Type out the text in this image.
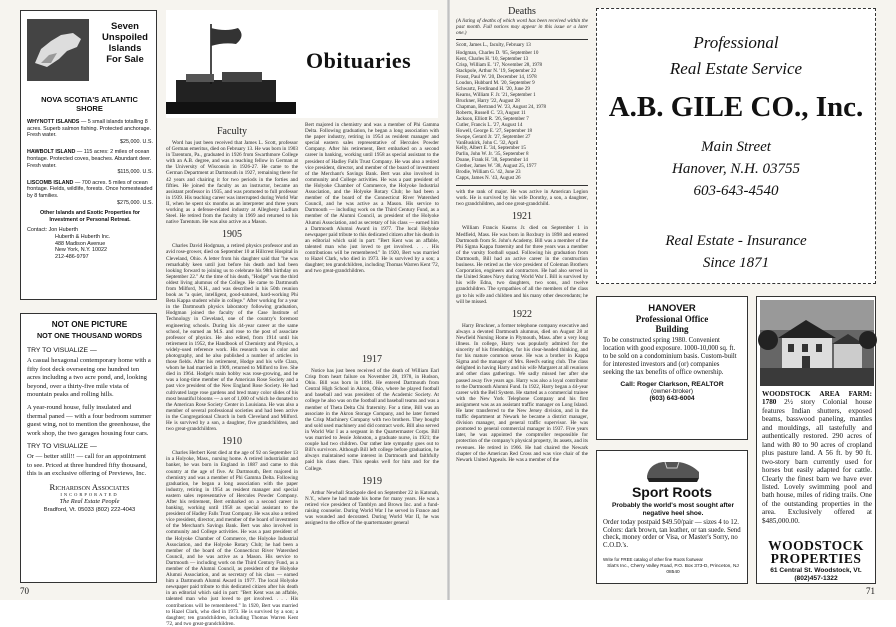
Seven
Unspoiled
Islands
For Sale
NOVA SCOTIA'S ATLANTIC SHORE
WHYNOTT ISLANDS — 5 small islands totalling 8 acres. Superb salmon fishing. Protected anchorage. Fresh water.
$25,000. U.S.
HAWBOLT ISLAND — 115 acres: 2 miles of ocean frontage. Protected coves, beaches. Abundant deer. Fresh water.
$115,000. U.S.
LISCOMB ISLAND — 700 acres. 5 miles of ocean frontage. Fields, wildlife, forests. Once homesteaded by 8 families.
$275,000. U.S.
Other Islands and Exotic Properties for Investment or Personal Retreat.
Contact: Jon Huberth
Huberth & Huberth Inc.
488 Madison Avenue
New York, N.Y. 10022
212-486-9797
NOT ONE PICTURE
NOT ONE THOUSAND WORDS
TRY TO VISUALIZE —

A casual hexagonal contemporary home with a fifty foot deck overseeing one hundred ten acres including a two acre pond, and, looking beyond, over a thirty-five mile vista of mountain peaks and rolling hills.

A year-round house, fully insulated and thermal paned — with a four bedroom summer guest wing, not to mention the greenhouse, the work shop, the two garages housing four cars.

TRY TO VISUALIZE —

Or — better still!! — call for an appointment to see. Priced at three hundred fifty thousand, this is an exclusive offering of Previews, Inc.

Richardson Associates
INCORPORATED
The Real Estate People
Bradford, Vt. 05033 (802) 222-4043
Obituaries
Faculty

Word has just been received that James L. Scott, professor of German emeritus, died on February 13. He was born in 1903 in Tarentum, Pa., graduated in 1926 from Swarthmore College with an A.B. degree, and was a teaching fellow in German at the University of Wisconsin in 1926-27. He came to the German Department at Dartmouth in 1927, remaining there for 42 years and chairing it for two periods in the forties and fifties. He joined the faculty as an instructor, became an assistant professor in 1935, and was promoted to full professor in 1939. His teaching career was interrupted during World War II, when he spent six months as an interpreter and three years working as a defense-related industry at Allegheny Ludlum Steel. He retired from the faculty in 1969 and returned to his native Tarentum. He was also active as a Mason.

1905

Charles David Hodgman, a retired physics professor and an avid rose-grower, died on September 10 at Hillcrest Hospital in Cleveland, Ohio. A letter from his daughter said that "he was remarkably keen until just before his death and had been looking forward to joining us to celebrate his 98th birthday on September 22." At the time of his death, "Hodge" was the third oldest living alumnus of the College. He came to Dartmouth from Milford, N.H., and was described in his 50th reunion book as "a quiet, intelligent, good-natured, hard-working Phi Beta Kappa student while in college." After working for a year in the Dartmouth physics laboratory following graduation, Hodgman joined the faculty of the Case Institute of Technology in Cleveland, one of the country's foremost engineering schools. During his 44-year career at the same school, he earned an M.S. and rose to the post of associate professor of physics. He also edited, from 1914 until his retirement in 1952, the Handbook of Chemistry and Physics, a widely-used reference work. His research was in color and photography, and he also published a number of articles in those fields. After his retirement, Hodge and his wife Clara, whom he had married in 1909, returned to Milford to live. She died in 1964. Hodge's main hobby was rose-growing, and he was a long-time member of the American Rose Society and a past vice president of the New England Rose Society. He had cultivated large rose gardens and bred many color slides of his most beautiful blooms — a set of 1,000 of which he donated to the American Rose Society Center in Louisiana. He was also a member of several professional societies and had been active in the Congregational Church in both Cleveland and Milford. He is survived by a son, a daughter, five grandchildren, and two great-grandchildren.

1910

Charles Herbert Kent died at the age of 92 on September 13 in a Holyoke, Mass., nursing home. A retired industrialist and banker, he was born in England in 1887 and came to this country at the age of five. At Dartmouth, Bert majored in chemistry and was a member of Phi Gamma Delta. Following graduation, he began a long association with the paper industry, retiring in 1954 as resident manager and special eastern sales representative of Hercules Powder Company. After his retirement, Bert embarked on a second career in banking, working until 1958 as special assistant to the president of Hadley Falls Trust Company. He was also a retired vice president, director, and member of the board of investment of the Merchant's Savings Bank. Bert was also involved in community and College activities. He was a past president of the Holyoke Chamber of Commerce, the Holyoke Industrial Association, and the Holyoke Rotary Club; he had been a member of the board of the Connecticut River Watershed Council, and he was active as a Mason. His service to Dartmouth — including work on the Third Century Fund, as a member of the Alumni Council, as president of the Holyoke Alumni Association, and as secretary of his class — earned him a Dartmouth Alumni Award in 1977. The local Holyoke newspaper paid tribute to this dedicated citizen after his death in an editorial which said in part: "Bert Kent was an affable, talented man who just loved to get involved. . . . His contributions will be remembered." In 1920, Bert was married to Hazel Clark, who died in 1973. He is survived by a son; a daughter; ten grandchildren, including Thomas Warren Kent '72, and two great-grandchildren.

Bert majored in chemistry and was a member of Phi Gamma Delta. Following graduation, he began a long association with the paper industry, retiring in 1954 as resident manager and special eastern sales representative of Hercules Powder Company. After his retirement, Bert embarked on a second career in banking, working until 1958 as special assistant to the president of Hadley Falls Trust Company. He was also a retired vice president, director, and member of the board of investment of the Merchant's Savings Bank. Bert was also involved in community and College activities. He was a past president of the Holyoke Chamber of Commerce, the Holyoke Industrial Association, and the Holyoke Rotary Club; he had been a member of the board of the Connecticut River Watershed Council, and he was active as a Mason. His service to Dartmouth — including work on the Third Century Fund, as a member of the Alumni Council, as president of the Holyoke Alumni Association, and as secretary of his class — earned him a Dartmouth Alumni Award in 1977. The local Holyoke newspaper paid tribute to this dedicated citizen after his death in an editorial which said in part: "Bert Kent was an affable, talented man who just loved to get involved. . . . His contributions will be remembered." In 1920, Bert was married to Hazel Clark, who died in 1973. He is survived by a son; a daughter; ten grandchildren, including Thomas Warren Kent '72, and two great-grandchildren.

1917

Notice has just been received of the death of William Earl Crisp from heart failure on November 28, 1978, in Hudson, Ohio. Bill was born in 1894. He entered Dartmouth from Central High School in Akron, Ohio, where he played football and baseball and was president of the Academic Society. At college he also was on the football and baseball teams and was a member of Theta Delta Chi fraternity. For a time, Bill was an associate in the Akron Storage Company, and he later formed the Crisp Machinery Company with two brothers. They bought and sold used machinery and did contract work. Bill also served in World War I as a sergeant in the Quartermaster Corps. Bill was married to Jessie Johnston, a graduate nurse, in 1921; the couple had two children. Our rather late sympathy goes out to Bill's survivors. Although Bill left college before graduation, he always maintained some interest in Dartmouth and faithfully paid his class dues. This speaks well for him and for the College.

1919

Arthur Newhall Stackpole died on September 22 in Katonah, N.Y., where he had made his home for many years. He was a retired vice president of Tamblyn and Brown Inc. and a fund-raising counselor. During World War I he served in France and was wounded and decorated. During World War II, he was assigned to the office of the quartermaster general

70
Deaths

(A listing of deaths of which word has been received within the past month. Full notices may appear in this issue or a later one.)

Scott, James L., faculty, February 13
Hodgman, Charles D. '05, September 10
Kent, Charles H. '10, September 13
Crisp, William E. '17, November 28, 1978
Stackpole, Arthur N. '19, September 22
Frosst, Paul W. '20, December 14, 1978
Loudon, Hubbard M. '20, September 9
Schwartz, Ferdinand H. '20, June 29
Kearns, William F. Jr. '21, September 1
Bruckner, Harry '22, August 28
Chapman, Bertrand W. '23, August 24, 1978
Roberts, Russell C. '23, August 11
Jackson, Elliott R. '26, September 7
Cutler, Francis L. '27, August 14
Howell, George E. '27, September 18
Swope, Gerard Jr. '27, September 27
VanBuskirk, John C. '32, April
Kelly, Albert E. '34, September 15
Parlin, John W. Jr. '35, September 8
Doane, Frank H. '38, September 14
Grether, James W. '38, August 25, 1977
Brodie, William G. '42, June 23
Capps, James N. '43, August 26

with the rank of major. He was active in American Legion work. He is survived by his wife Dorothy, a son, a daughter, two grandchildren, and one great-grandchild.

1921

William Francis Kearns Jr. died on September 1 in Medfield, Mass. He was born in Roxbury in 1898 and entered Dartmouth from St. John's Academy. Bill was a member of the Phi Sigma Kappa fraternity and for three years was a member of the varsity football squad. Following his graduation from Dartmouth, Bill had an active career in the construction business. He retired as the vice president of Coleman Brothers Corporation, engineers and contractors. He had also served in the United States Navy during World War I. Bill is survived by his wife Edna, two daughters, two sons, and twelve grandchildren. The sympathies of all the members of the class go to his wife and children and his many other descendants; he will be missed.

1922

Harry Bruckner, a former telephone company executive and always a devoted Dartmouth alumnus, died on August 28 at Newfield Nursing Home in Plymouth, Mass. after a very long illness. In college, Harry was popularly admired for the sincerity of his friendships, for his clear-headed thinking, and for his mature common sense. He was a brother in Kappa Sigma and the manager of Mrs. Reed's eating club. The class delighted in having Harry and his wife Margaret at all reunions and other class gatherings. We sadly missed her after she passed away five years ago. Harry was also a loyal contributor to the Dartmouth Alumni Fund. In 1922, Harry began a 44-year career with the Bell System. He started as a commercial trainee with the New York Telephone Company and his first assignment was as an assistant traffic manager on Long Island. He later transferred to the New Jersey division, and in the traffic department at Newark he became a district manager, division manager, and general traffic supervisor. He was promoted to general commercial manager in 1937. Five years later, he was appointed the comptroller responsible for protection of the company's physical property, its assets, and its revenues. He retired in 1966. He had chaired the Newark chapter of the American Red Cross and was vice chair of the Newark United Appeals. He was a member of the

Professional
Real Estate Service
A.B. GILE CO., Inc.
Main Street
Hanover, N.H. 03755
603-643-4540
Real Estate - Insurance
Since 1871
HANOVER
Professional Office
Building

To be constructed spring 1980. Convenient location with good exposure. 1000-10,000 sq. ft. to be sold on a condominium basis. Custom-built for interested investors and (or) companies seeking the tax benefits of office ownership.

Call: Roger Clarkson, REALTOR
(owner-broker)
(603) 643-6004
Sport Roots
Probably the world's most sought after negative heel shoe.
Order today postpaid $49.50/pair — sizes 4 to 12. Colors: dark brown, tan leather, or tan suede. Send check, money order or Visa, or Master's Sorry, no C.O.D.'s.
Write for FREE catalog of other fine Roots footwear
Slat's Inc., Cherry Valley Road, P.O. Box 373-D, Princeton, NJ 08540
WOODSTOCK AREA FARM: 1780 2½ story Colonial house features Indian shutters, exposed beams, basswood paneling, mantles and mouldings, all tastefully and authentically restored. 290 acres of land with 80 to 90 acres of cropland plus pasture land. A 56 ft. by 90 ft. two-story barn currently used for horses but easily adapted for cattle. Clearly the finest barn we have ever listed. Lovely swimming pool and bath house, miles of riding trails. One of the outstanding properties in the area. Exclusively offered at $485,000.00.
WOODSTOCK
PROPERTIES
61 Central St. Woodstock, Vt.
(802)457-1322
71
